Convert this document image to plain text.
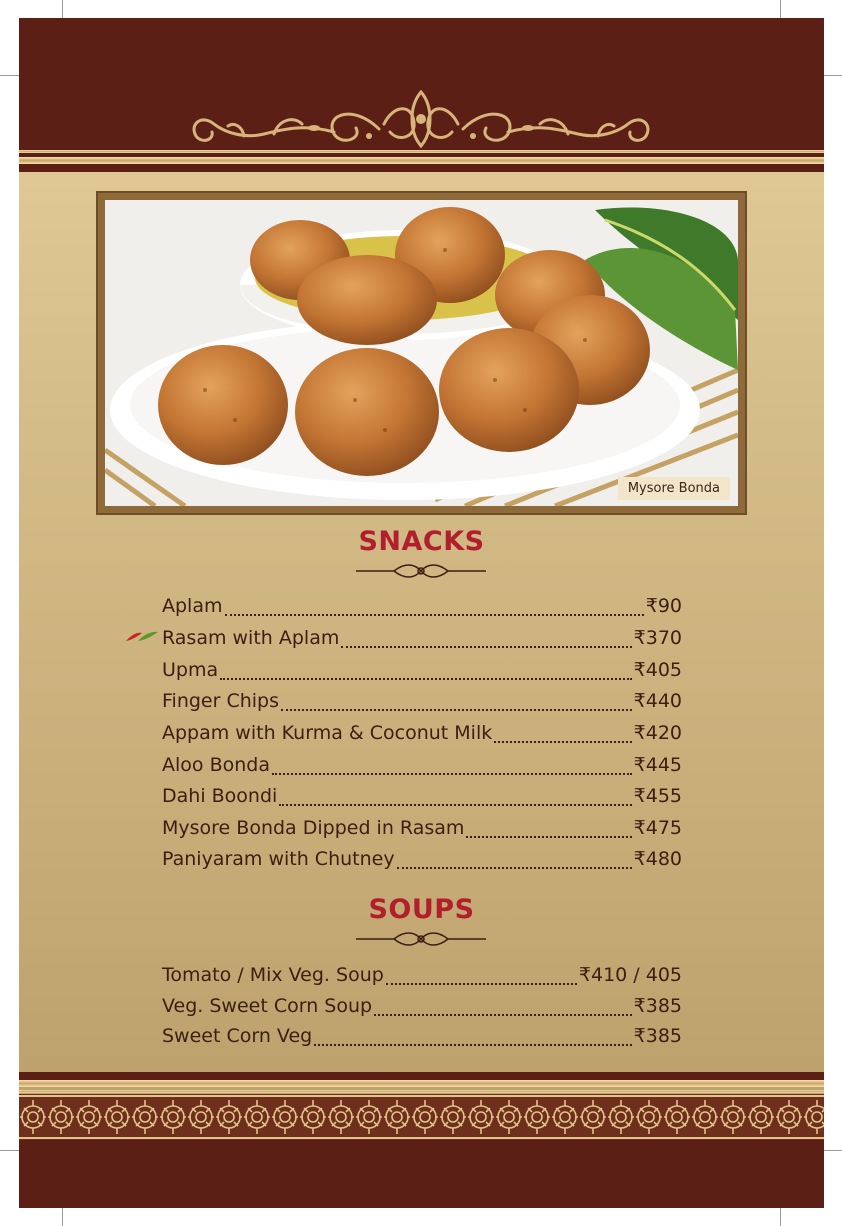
Mysore Bonda
SNACKS
Aplam	₹90
Rasam with Aplam	₹370
Upma	₹405
Finger Chips	₹440
Appam with Kurma & Coconut Milk	₹420
Aloo Bonda	₹445
Dahi Boondi	₹455
Mysore Bonda Dipped in Rasam	₹475
Paniyaram with Chutney	₹480
SOUPS
Tomato / Mix Veg. Soup	₹410 / 405
Veg. Sweet Corn Soup	₹385
Sweet Corn Veg	₹385
